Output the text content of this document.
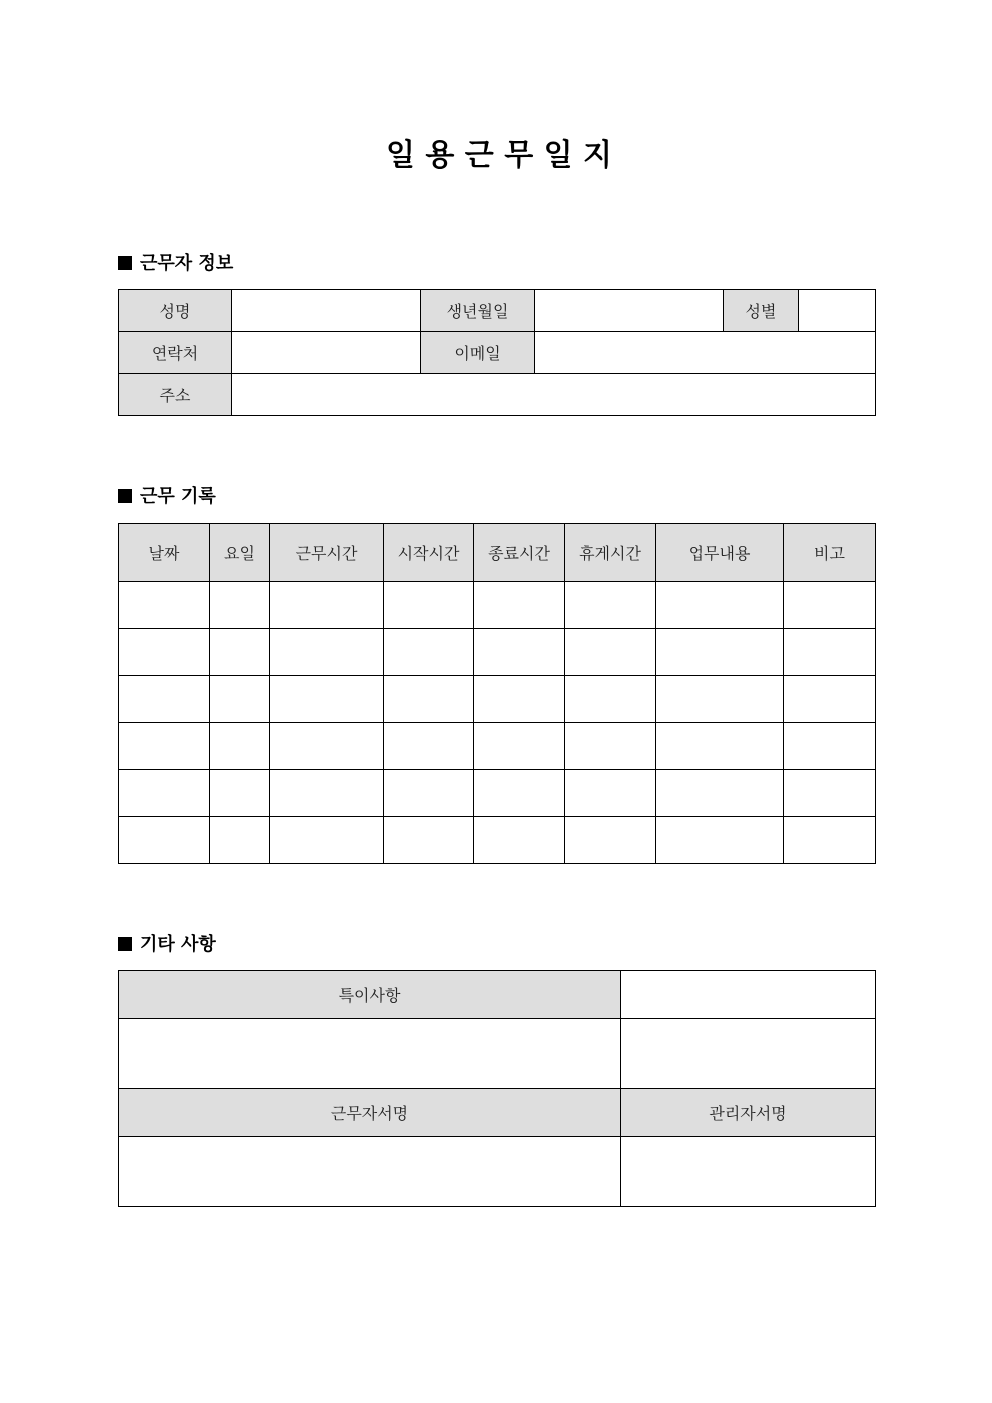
일 용 근 무 일 지
근무자 정보
성명		생년월일		성별	
연락처		이메일			
주소					
근무 기록
날짜	요일	근무시간	시작시간	종료시간	휴게시간	업무내용	비고

기타 사항
특이사항	

근무자서명	관리자서명
